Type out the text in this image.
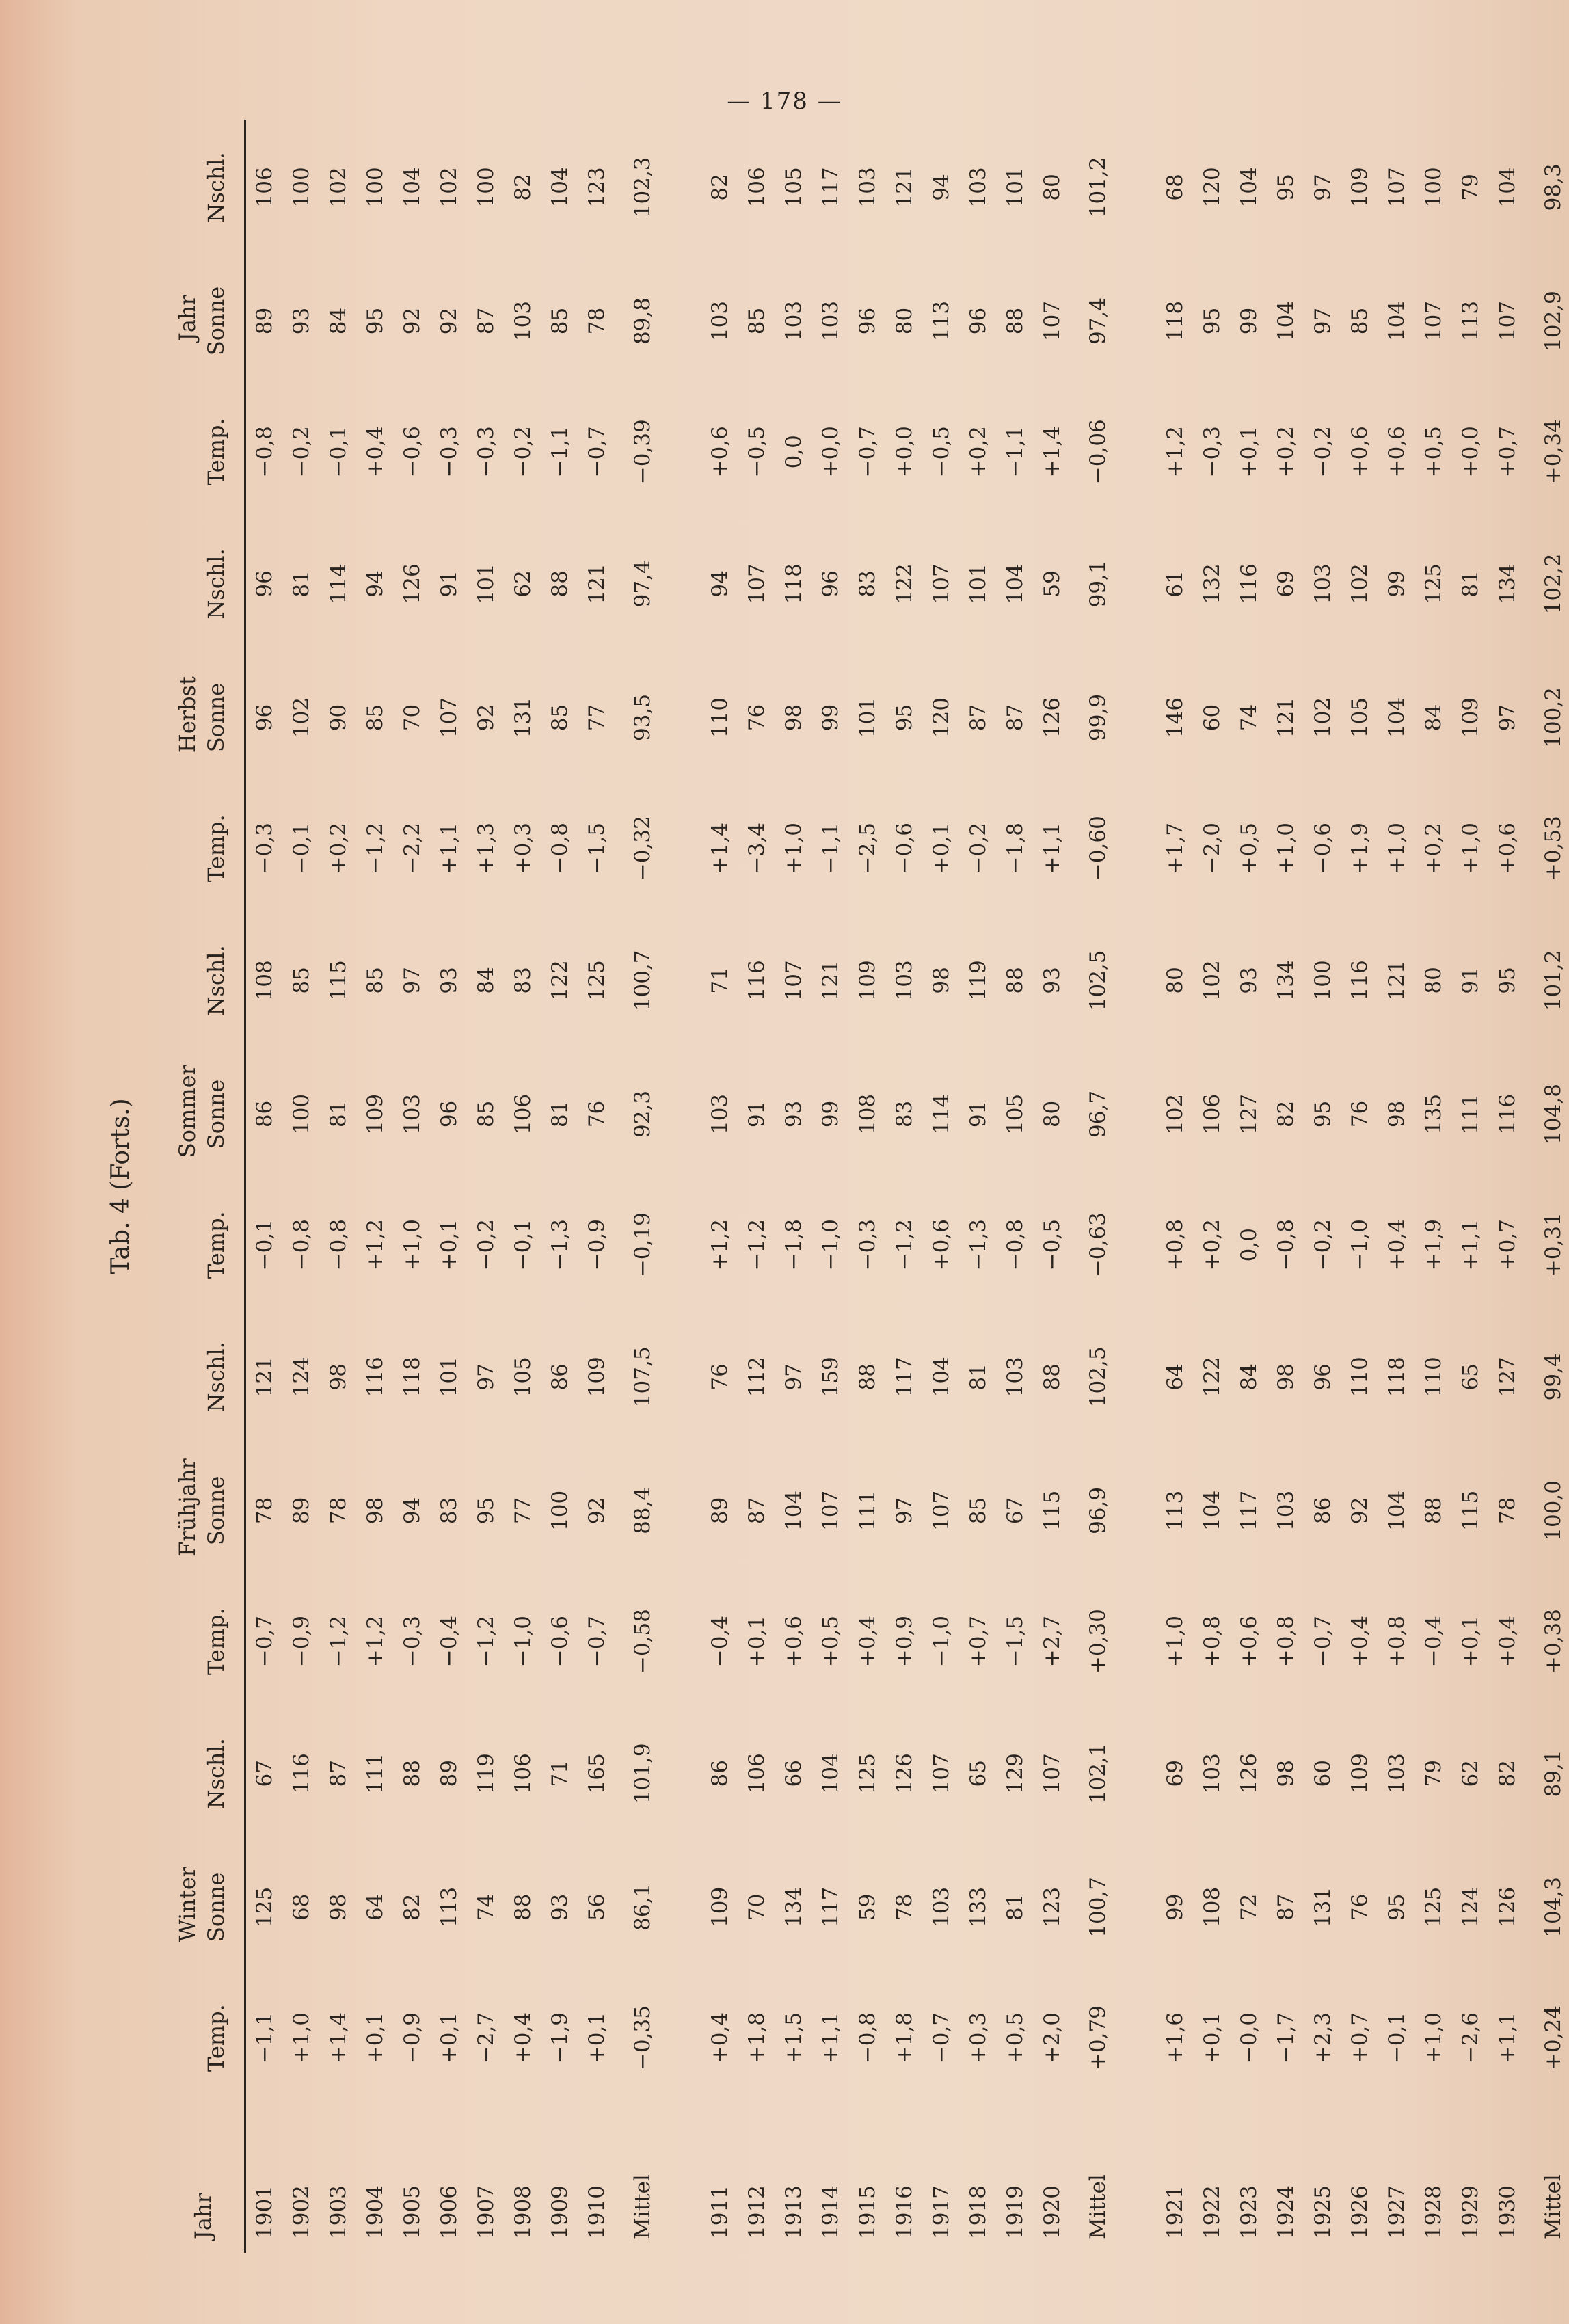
— 178 —
Tab. 4 (Forts.)
Jahr	Winter			Frühjahr			Sommer			Herbst			Jahr		
	Temp.	Sonne	Nschl.	Temp.	Sonne	Nschl.	Temp.	Sonne	Nschl.	Temp.	Sonne	Nschl.	Temp.	Sonne	Nschl.

1901	−1,1	125	67	−0,7	78	121	−0,1	86	108	−0,3	96	96	−0,8	89	106
1902	+1,0	68	116	−0,9	89	124	−0,8	100	85	−0,1	102	81	−0,2	93	100
1903	+1,4	98	87	−1,2	78	98	−0,8	81	115	+0,2	90	114	−0,1	84	102
1904	+0,1	64	111	+1,2	98	116	+1,2	109	85	−1,2	85	94	+0,4	95	100
1905	−0,9	82	88	−0,3	94	118	+1,0	103	97	−2,2	70	126	−0,6	92	104
1906	+0,1	113	89	−0,4	83	101	+0,1	96	93	+1,1	107	91	−0,3	92	102
1907	−2,7	74	119	−1,2	95	97	−0,2	85	84	+1,3	92	101	−0,3	87	100
1908	+0,4	88	106	−1,0	77	105	−0,1	106	83	+0,3	131	62	−0,2	103	82
1909	−1,9	93	71	−0,6	100	86	−1,3	81	122	−0,8	85	88	−1,1	85	104
1910	+0,1	56	165	−0,7	92	109	−0,9	76	125	−1,5	77	121	−0,7	78	123
Mittel	−0,35	86,1	101,9	−0,58	88,4	107,5	−0,19	92,3	100,7	−0,32	93,5	97,4	−0,39	89,8	102,3

1911	+0,4	109	86	−0,4	89	76	+1,2	103	71	+1,4	110	94	+0,6	103	82
1912	+1,8	70	106	+0,1	87	112	−1,2	91	116	−3,4	76	107	−0,5	85	106
1913	+1,5	134	66	+0,6	104	97	−1,8	93	107	+1,0	98	118	0,0	103	105
1914	+1,1	117	104	+0,5	107	159	−1,0	99	121	−1,1	99	96	+0,0	103	117
1915	−0,8	59	125	+0,4	111	88	−0,3	108	109	−2,5	101	83	−0,7	96	103
1916	+1,8	78	126	+0,9	97	117	−1,2	83	103	−0,6	95	122	+0,0	80	121
1917	−0,7	103	107	−1,0	107	104	+0,6	114	98	+0,1	120	107	−0,5	113	94
1918	+0,3	133	65	+0,7	85	81	−1,3	91	119	−0,2	87	101	+0,2	96	103
1919	+0,5	81	129	−1,5	67	103	−0,8	105	88	−1,8	87	104	−1,1	88	101
1920	+2,0	123	107	+2,7	115	88	−0,5	80	93	+1,1	126	59	+1,4	107	80
Mittel	+0,79	100,7	102,1	+0,30	96,9	102,5	−0,63	96,7	102,5	−0,60	99,9	99,1	−0,06	97,4	101,2

1921	+1,6	99	69	+1,0	113	64	+0,8	102	80	+1,7	146	61	+1,2	118	68
1922	+0,1	108	103	+0,8	104	122	+0,2	106	102	−2,0	60	132	−0,3	95	120
1923	−0,0	72	126	+0,6	117	84	0,0	127	93	+0,5	74	116	+0,1	99	104
1924	−1,7	87	98	+0,8	103	98	−0,8	82	134	+1,0	121	69	+0,2	104	95
1925	+2,3	131	60	−0,7	86	96	−0,2	95	100	−0,6	102	103	−0,2	97	97
1926	+0,7	76	109	+0,4	92	110	−1,0	76	116	+1,9	105	102	+0,6	85	109
1927	−0,1	95	103	+0,8	104	118	+0,4	98	121	+1,0	104	99	+0,6	104	107
1928	+1,0	125	79	−0,4	88	110	+1,9	135	80	+0,2	84	125	+0,5	107	100
1929	−2,6	124	62	+0,1	115	65	+1,1	111	91	+1,0	109	81	+0,0	113	79
1930	+1,1	126	82	+0,4	78	127	+0,7	116	95	+0,6	97	134	+0,7	107	104
Mittel	+0,24	104,3	89,1	+0,38	100,0	99,4	+0,31	104,8	101,2	+0,53	100,2	102,2	+0,34	102,9	98,3
